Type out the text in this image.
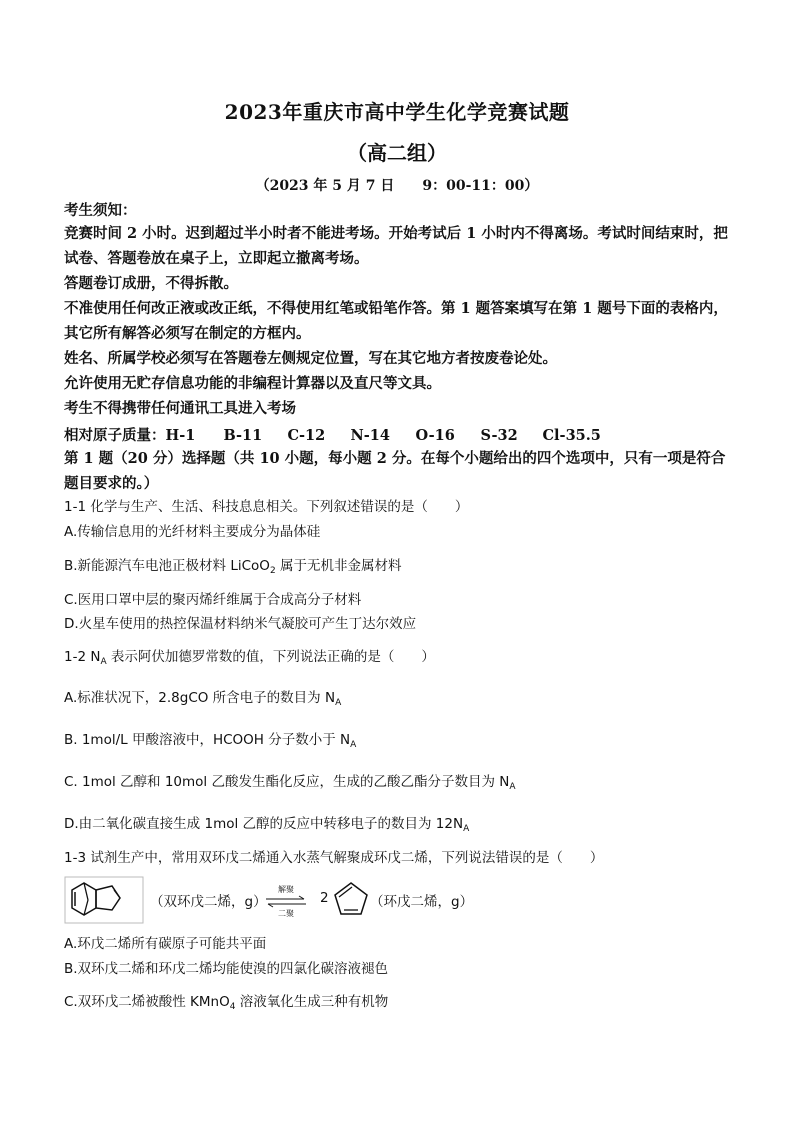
2023年重庆市高中学生化学竞赛试题
（高二组）
（2023 年 5 月 7 日　　9：00-11：00）
考生须知：
竞赛时间 2 小时。迟到超过半小时者不能进考场。开始考试后 1 小时内不得离场。考试时间结束时，把试卷、答题卷放在桌子上，立即起立撤离考场。
答题卷订成册，不得拆散。
不准使用任何改正液或改正纸，不得使用红笔或铅笔作答。第 1 题答案填写在第 1 题号下面的表格内，其它所有解答必须写在制定的方框内。
姓名、所属学校必须写在答题卷左侧规定位置，写在其它地方者按废卷论处。
允许使用无贮存信息功能的非编程计算器以及直尺等文具。
考生不得携带任何通讯工具进入考场
相对原子质量：H-1 B-11 C-12 N-14 O-16 S-32 Cl-35.5
第 1 题（20 分）选择题（共 10 小题，每小题 2 分。在每个小题给出的四个选项中，只有一项是符合题目要求的。）
1-1 化学与生产、生活、科技息息相关。下列叙述错误的是（　　）
A.传输信息用的光纤材料主要成分为晶体硅
B.新能源汽车电池正极材料 LiCoO$_2$ 属于无机非金属材料
C.医用口罩中层的聚丙烯纤维属于合成高分子材料
D.火星车使用的热控保温材料纳米气凝胶可产生丁达尔效应
1-2 $N_A$ 表示阿伏加德罗常数的值，下列说法正确的是（　　）
A.标准状况下，2.8gCO 所含电子的数目为 $N_A$
B. 1mol/L 甲酸溶液中，HCOOH 分子数小于 $N_A$
C. 1mol 乙醇和 10mol 乙酸发生酯化反应，生成的乙酸乙酯分子数目为 $N_A$
D.由二氧化碳直接生成 1mol 乙醇的反应中转移电子的数目为 $12N_A$
1-3 试剂生产中，常用双环戊二烯通入水蒸气解聚成环戊二烯，下列说法错误的是（　　）
（双环戊二烯，g）
解聚
二聚
2	（环戊二烯，g）
A.环戊二烯所有碳原子可能共平面
B.双环戊二烯和环戊二烯均能使溴的四氯化碳溶液褪色
C.双环戊二烯被酸性 KMnO$_4$ 溶液氧化生成三种有机物
